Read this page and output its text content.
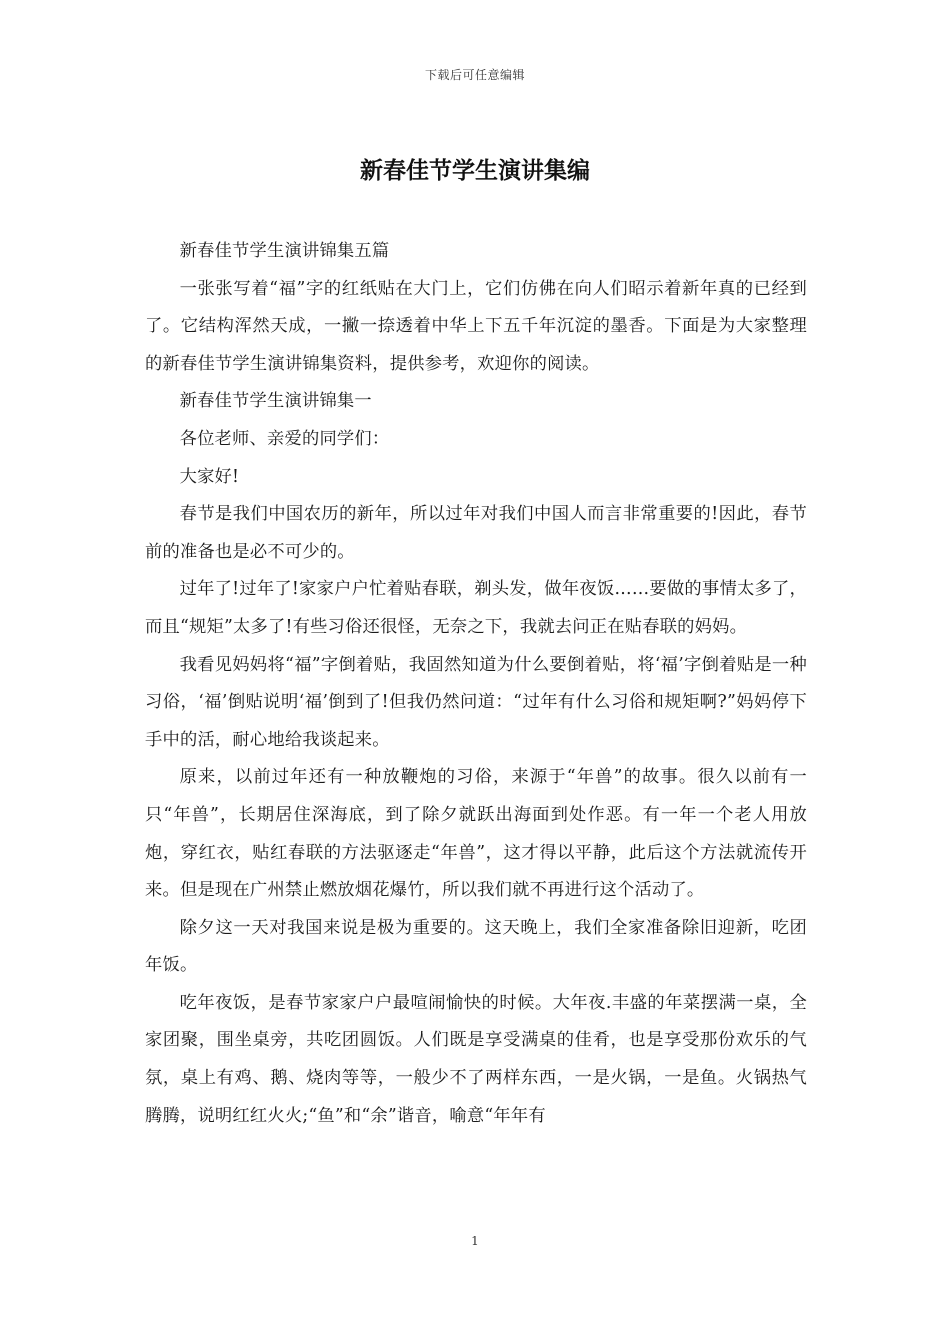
下载后可任意编辑
新春佳节学生演讲集编

新春佳节学生演讲锦集五篇

一张张写着“福”字的红纸贴在大门上，它们仿佛在向人们昭示着新年真的已经到了。它结构浑然天成，一撇一捺透着中华上下五千年沉淀的墨香。下面是为大家整理的新春佳节学生演讲锦集资料，提供参考，欢迎你的阅读。

新春佳节学生演讲锦集一

各位老师、亲爱的同学们：

大家好!

春节是我们中国农历的新年，所以过年对我们中国人而言非常重要的!因此，春节前的准备也是必不可少的。

过年了!过年了!家家户户忙着贴春联，剃头发，做年夜饭……要做的事情太多了，而且“规矩”太多了!有些习俗还很怪，无奈之下，我就去问正在贴春联的妈妈。

我看见妈妈将“福”字倒着贴，我固然知道为什么要倒着贴，将‘福’字倒着贴是一种习俗，‘福’倒贴说明‘福’倒到了!但我仍然问道：“过年有什么习俗和规矩啊?”妈妈停下手中的活，耐心地给我谈起来。

原来，以前过年还有一种放鞭炮的习俗，来源于“年兽”的故事。很久以前有一只“年兽”，长期居住深海底，到了除夕就跃出海面到处作恶。有一年一个老人用放炮，穿红衣，贴红春联的方法驱逐走“年兽”，这才得以平静，此后这个方法就流传开来。但是现在广州禁止燃放烟花爆竹，所以我们就不再进行这个活动了。

除夕这一天对我国来说是极为重要的。这天晚上，我们全家准备除旧迎新，吃团年饭。

吃年夜饭，是春节家家户户最喧闹愉快的时候。大年夜.丰盛的年菜摆满一桌，全家团聚，围坐桌旁，共吃团圆饭。人们既是享受满桌的佳肴，也是享受那份欢乐的气氛，桌上有鸡、鹅、烧肉等等，一般少不了两样东西，一是火锅，一是鱼。火锅热气腾腾，说明红红火火;“鱼”和“余”谐音，喻意“年年有

1
